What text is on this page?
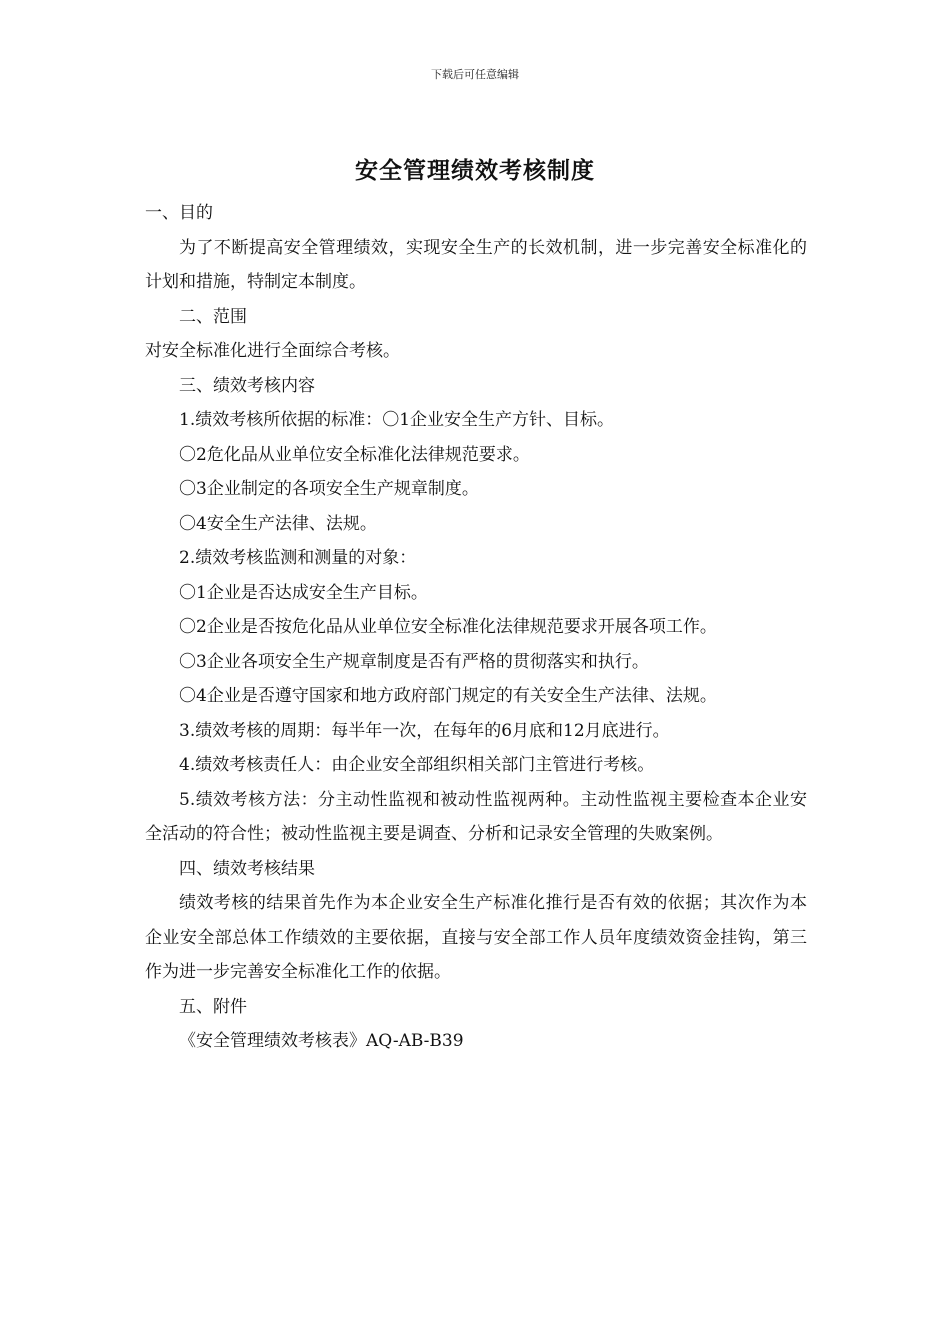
下载后可任意编辑
安全管理绩效考核制度

一、目的

为了不断提高安全管理绩效，实现安全生产的长效机制，进一步完善安全标准化的计划和措施，特制定本制度。

二、范围

对安全标准化进行全面综合考核。

三、绩效考核内容

1.绩效考核所依据的标准：〇1企业安全生产方针、目标。

〇2危化品从业单位安全标准化法律规范要求。

〇3企业制定的各项安全生产规章制度。

〇4安全生产法律、法规。

2.绩效考核监测和测量的对象：

〇1企业是否达成安全生产目标。

〇2企业是否按危化品从业单位安全标准化法律规范要求开展各项工作。

〇3企业各项安全生产规章制度是否有严格的贯彻落实和执行。

〇4企业是否遵守国家和地方政府部门规定的有关安全生产法律、法规。

3.绩效考核的周期：每半年一次，在每年的6月底和12月底进行。

4.绩效考核责任人：由企业安全部组织相关部门主管进行考核。

5.绩效考核方法：分主动性监视和被动性监视两种。主动性监视主要检查本企业安全活动的符合性；被动性监视主要是调查、分析和记录安全管理的失败案例。

四、绩效考核结果

绩效考核的结果首先作为本企业安全生产标准化推行是否有效的依据；其次作为本企业安全部总体工作绩效的主要依据，直接与安全部工作人员年度绩效资金挂钩，第三作为进一步完善安全标准化工作的依据。

五、附件

《安全管理绩效考核表》AQ-AB-B39
